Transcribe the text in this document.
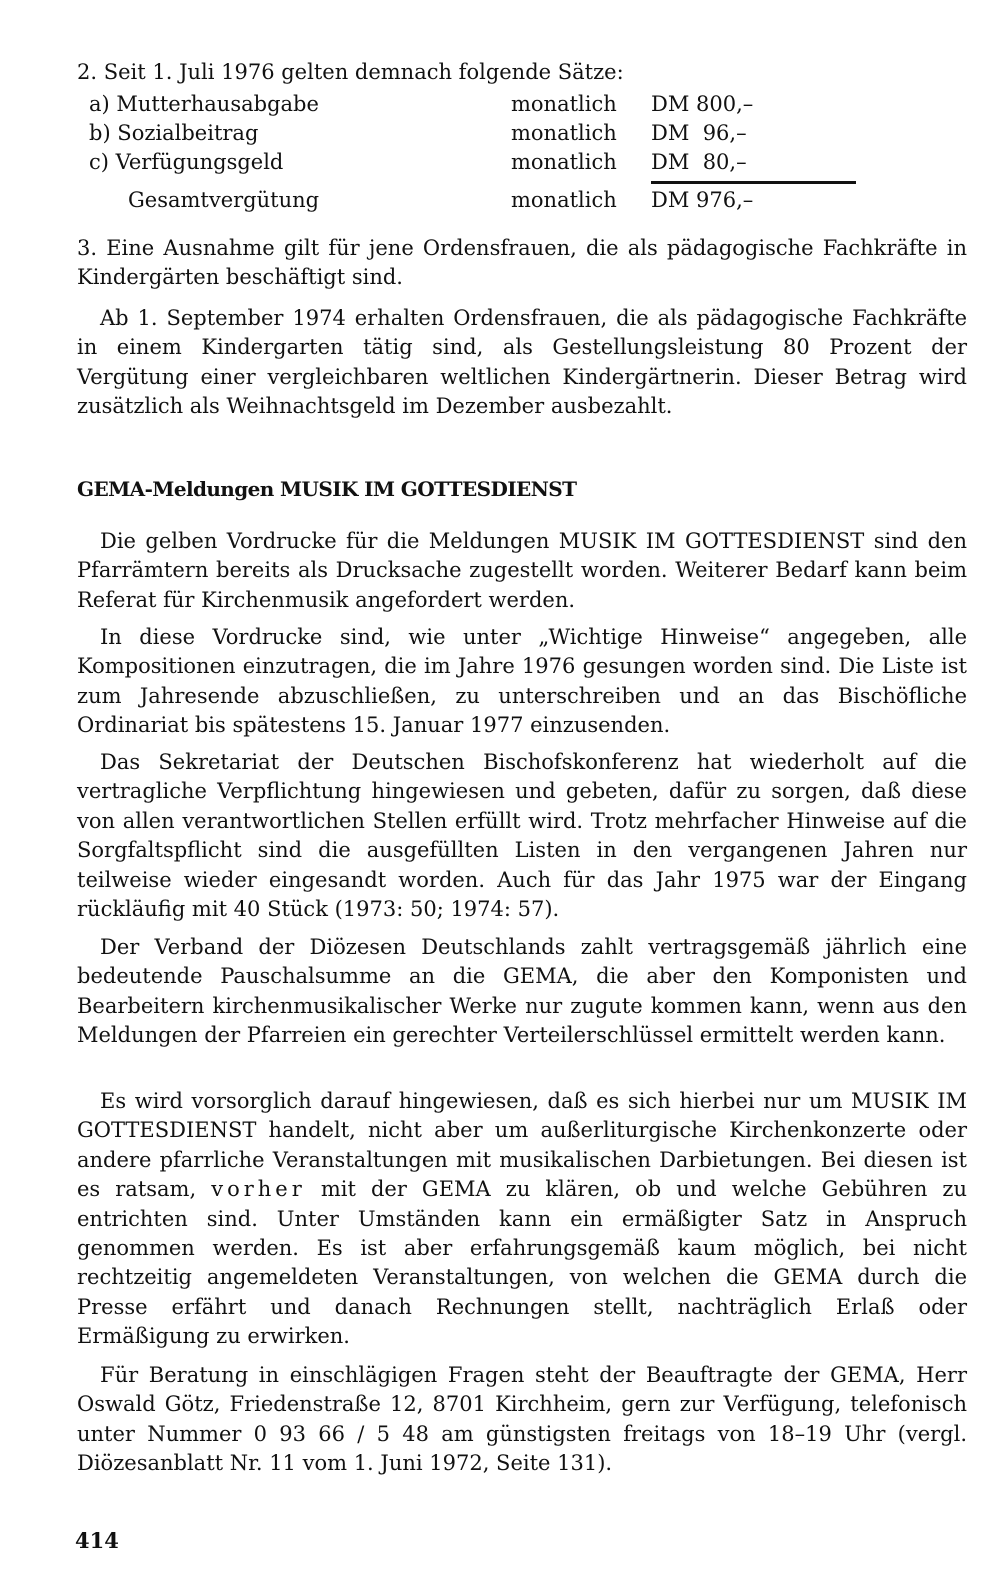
2. Seit 1. Juli 1976 gelten demnach folgende Sätze:
a) Mutterhausabgabe	monatlich DM 800,–
b) Sozialbeitrag	monatlich DM  96,–
c) Verfügungsgeld	monatlich DM  80,–
Gesamtvergütung	monatlich DM 976,–

3. Eine Ausnahme gilt für jene Ordensfrauen, die als pädagogische Fachkräfte in Kindergärten beschäftigt sind.

Ab 1. September 1974 erhalten Ordensfrauen, die als pädagogische Fachkräfte in einem Kindergarten tätig sind, als Gestellungsleistung 80 Prozent der Vergütung einer vergleichbaren weltlichen Kindergärtnerin. Dieser Betrag wird zusätzlich als Weihnachtsgeld im Dezember ausbezahlt.

GEMA-Meldungen MUSIK IM GOTTESDIENST

Die gelben Vordrucke für die Meldungen MUSIK IM GOTTESDIENST sind den Pfarrämtern bereits als Drucksache zugestellt worden. Weiterer Bedarf kann beim Referat für Kirchenmusik angefordert werden.

In diese Vordrucke sind, wie unter „Wichtige Hinweise“ angegeben, alle Kompositionen einzutragen, die im Jahre 1976 gesungen worden sind. Die Liste ist zum Jahresende abzuschließen, zu unterschreiben und an das Bischöfliche Ordinariat bis spätestens 15. Januar 1977 einzusenden.

Das Sekretariat der Deutschen Bischofskonferenz hat wiederholt auf die vertragliche Verpflichtung hingewiesen und gebeten, dafür zu sorgen, daß diese von allen verantwortlichen Stellen erfüllt wird. Trotz mehrfacher Hinweise auf die Sorgfaltspflicht sind die ausgefüllten Listen in den vergangenen Jahren nur teilweise wieder eingesandt worden. Auch für das Jahr 1975 war der Eingang rückläufig mit 40 Stück (1973: 50; 1974: 57).

Der Verband der Diözesen Deutschlands zahlt vertragsgemäß jährlich eine bedeutende Pauschalsumme an die GEMA, die aber den Komponisten und Bearbeitern kirchenmusikalischer Werke nur zugute kommen kann, wenn aus den Meldungen der Pfarreien ein gerechter Verteilerschlüssel ermittelt werden kann.

Es wird vorsorglich darauf hingewiesen, daß es sich hierbei nur um MUSIK IM GOTTESDIENST handelt, nicht aber um außerliturgische Kirchenkonzerte oder andere pfarrliche Veranstaltungen mit musikalischen Darbietungen. Bei diesen ist es ratsam, vorher mit der GEMA zu klären, ob und welche Gebühren zu entrichten sind. Unter Umständen kann ein ermäßigter Satz in Anspruch genommen werden. Es ist aber erfahrungsgemäß kaum möglich, bei nicht rechtzeitig angemeldeten Veranstaltungen, von welchen die GEMA durch die Presse erfährt und danach Rechnungen stellt, nachträglich Erlaß oder Ermäßigung zu erwirken.

Für Beratung in einschlägigen Fragen steht der Beauftragte der GEMA, Herr Oswald Götz, Friedenstraße 12, 8701 Kirchheim, gern zur Verfügung, telefonisch unter Nummer 0 93 66 / 5 48 am günstigsten freitags von 18–19 Uhr (vergl. Diözesanblatt Nr. 11 vom 1. Juni 1972, Seite 131).

414
